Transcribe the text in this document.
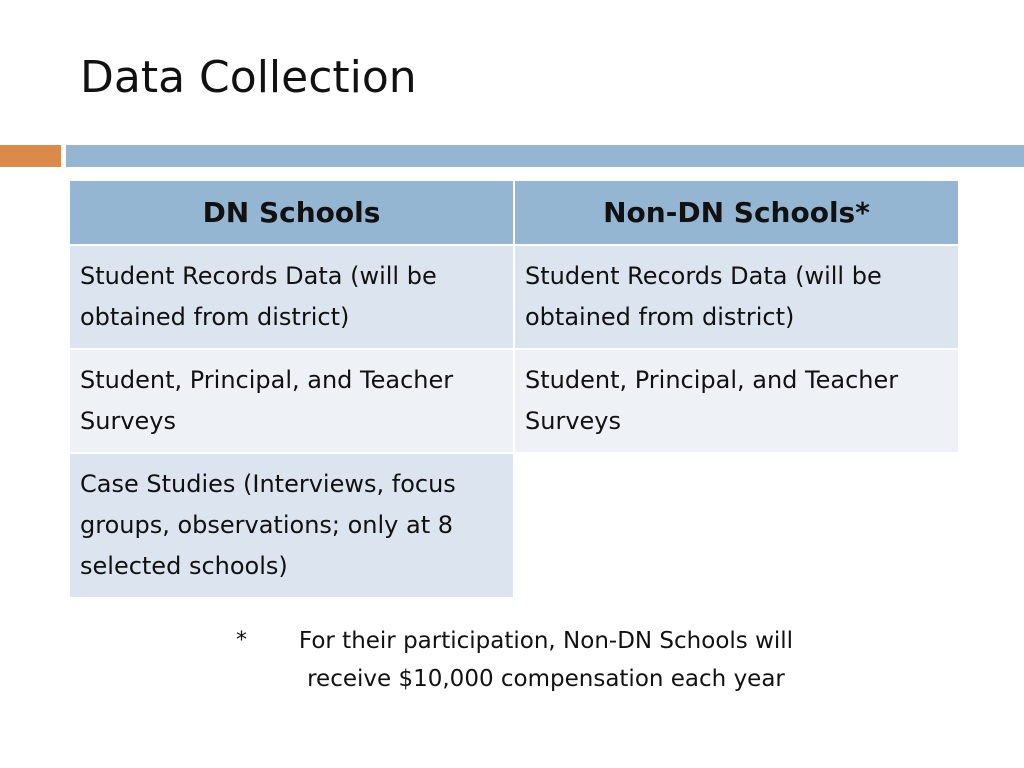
Data Collection
DN Schools	Non-DN Schools*
Student Records Data (will be obtained from district)	Student Records Data (will be obtained from district)
Student, Principal, and Teacher Surveys	Student, Principal, and Teacher Surveys
Case Studies (Interviews, focus groups, observations; only at 8 selected schools)	
*	For their participation, Non-DN Schools will
receive $10,000 compensation each year
